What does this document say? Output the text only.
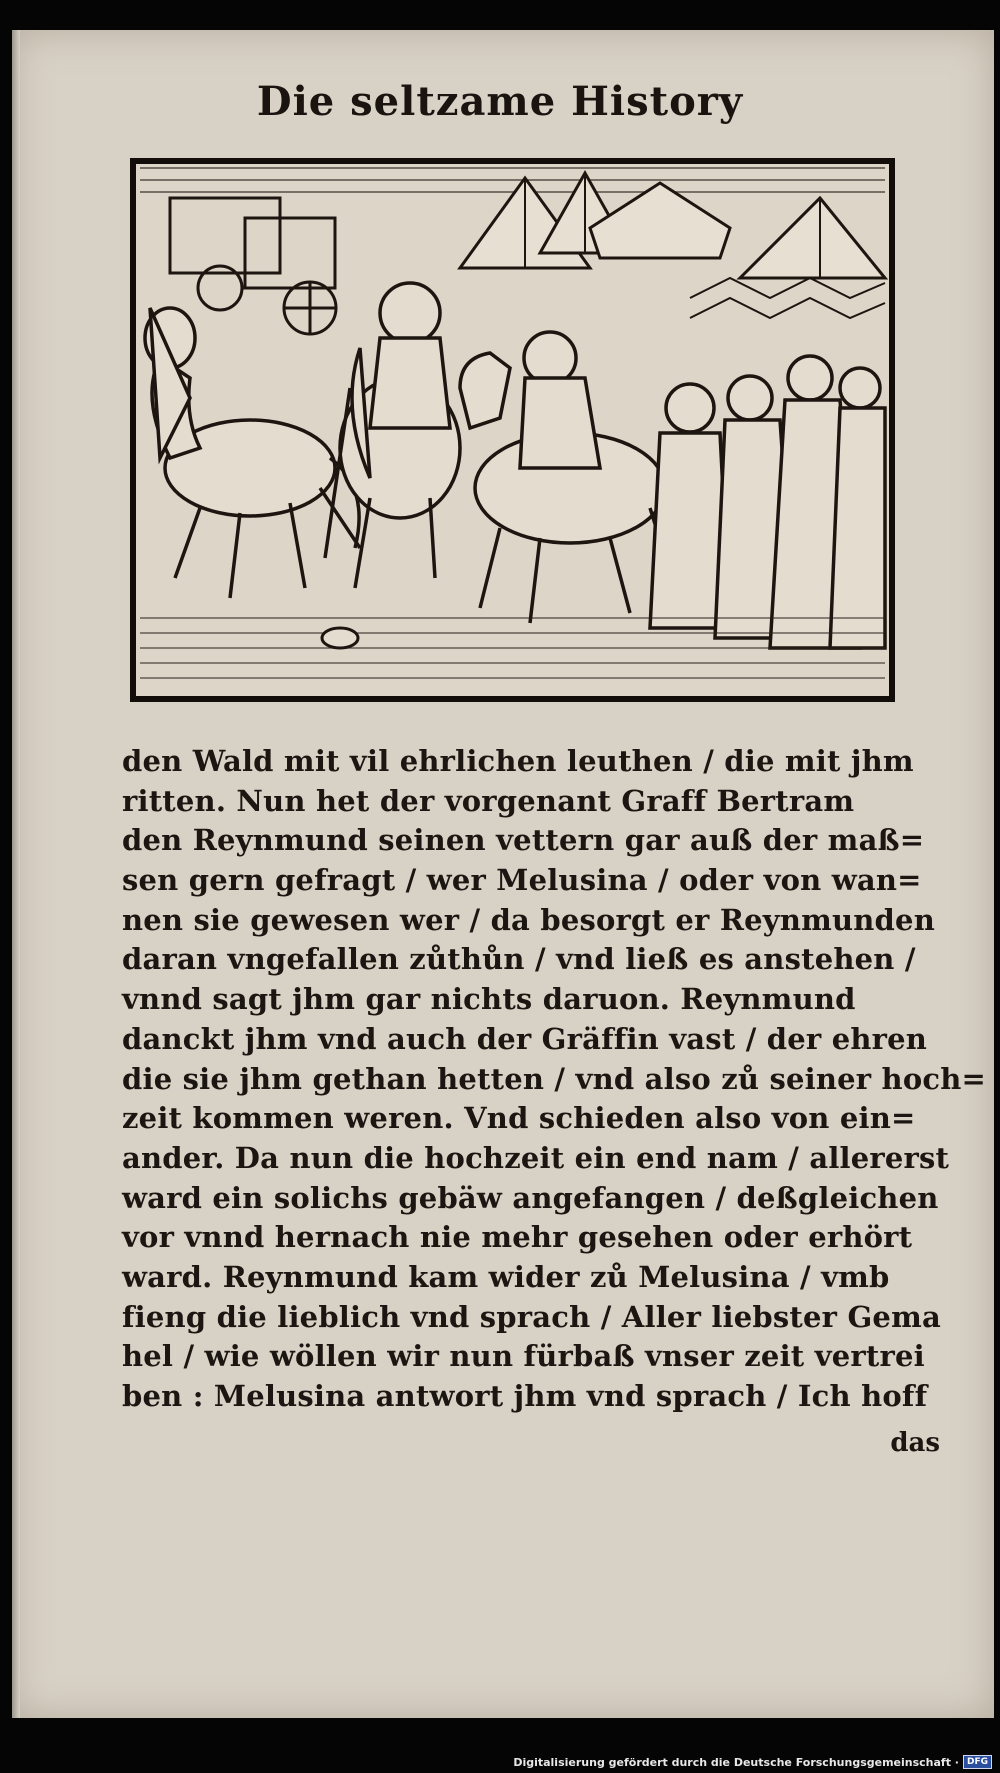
Die seltzame History
den Wald mit vil ehrlichen leuthen / die mit jhm
ritten. Nun het der vorgenant Graff Bertram
den Reynmund seinen vettern gar auß der maß=
sen gern gefragt / wer Melusina / oder von wan=
nen sie gewesen wer / da besorgt er Reynmunden
daran vngefallen zůthůn / vnd ließ es anstehen /
vnnd sagt jhm gar nichts daruon. Reynmund
danckt jhm vnd auch der Gräffin vast / der ehren
die sie jhm gethan hetten / vnd also zů seiner hoch=
zeit kommen weren. Vnd schieden also von ein=
ander. Da nun die hochzeit ein end nam / allererst
ward ein solichs gebäw angefangen / deßgleichen
vor vnnd hernach nie mehr gesehen oder erhört
ward. Reynmund kam wider zů Melusina / vmb
fieng die lieblich vnd sprach / Aller liebster Gema
hel / wie wöllen wir nun fürbaß vnser zeit vertrei
ben : Melusina antwort jhm vnd sprach / Ich hoff
das
Digitalisierung gefördert durch die Deutsche Forschungsgemeinschaft · DFG
